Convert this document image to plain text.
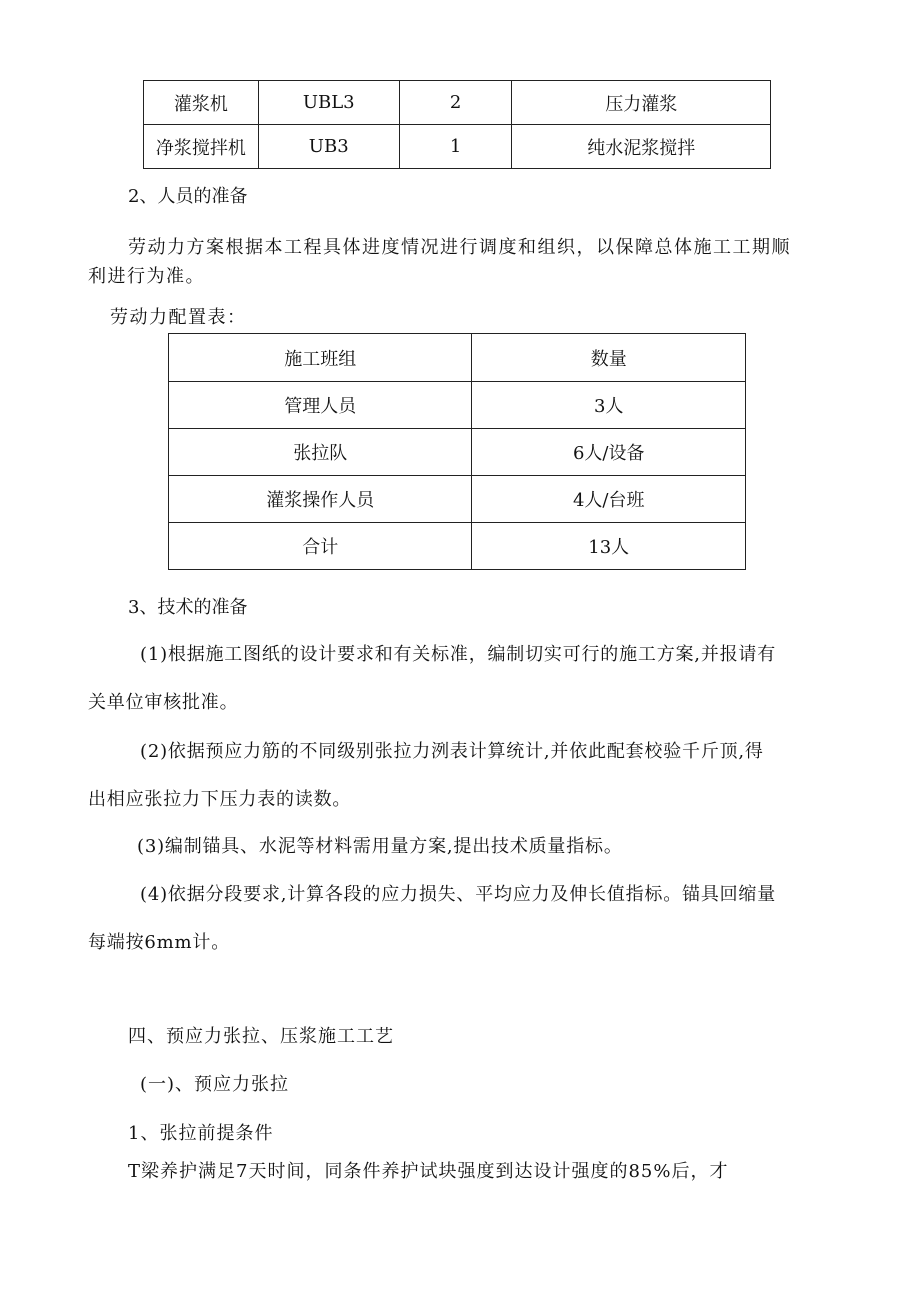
灌浆机	UBL3	2	压力灌浆
净浆搅拌机	UB3	1	纯水泥浆搅拌
2、人员的准备
劳动力方案根据本工程具体进度情况进行调度和组织，以保障总体施工工期顺
利进行为准。
劳动力配置表：
施工班组	数量
管理人员	3人
张拉队	6人/设备
灌浆操作人员	4人/台班
合计	13人
3、技术的准备
(1)根据施工图纸的设计要求和有关标准，编制切实可行的施工方案,并报请有
关单位审核批准。
(2)依据预应力筋的不同级别张拉力洌表计算统计,并依此配套校验千斤顶,得
出相应张拉力下压力表的读数。
(3)编制锚具、水泥等材料需用量方案,提出技术质量指标。
(4)依据分段要求,计算各段的应力损失、平均应力及伸长值指标。锚具回缩量
每端按6mm计。
四、预应力张拉、压浆施工工艺
(一)、预应力张拉
1、张拉前提条件
T梁养护满足7天时间，同条件养护试块强度到达设计强度的85%后，才
